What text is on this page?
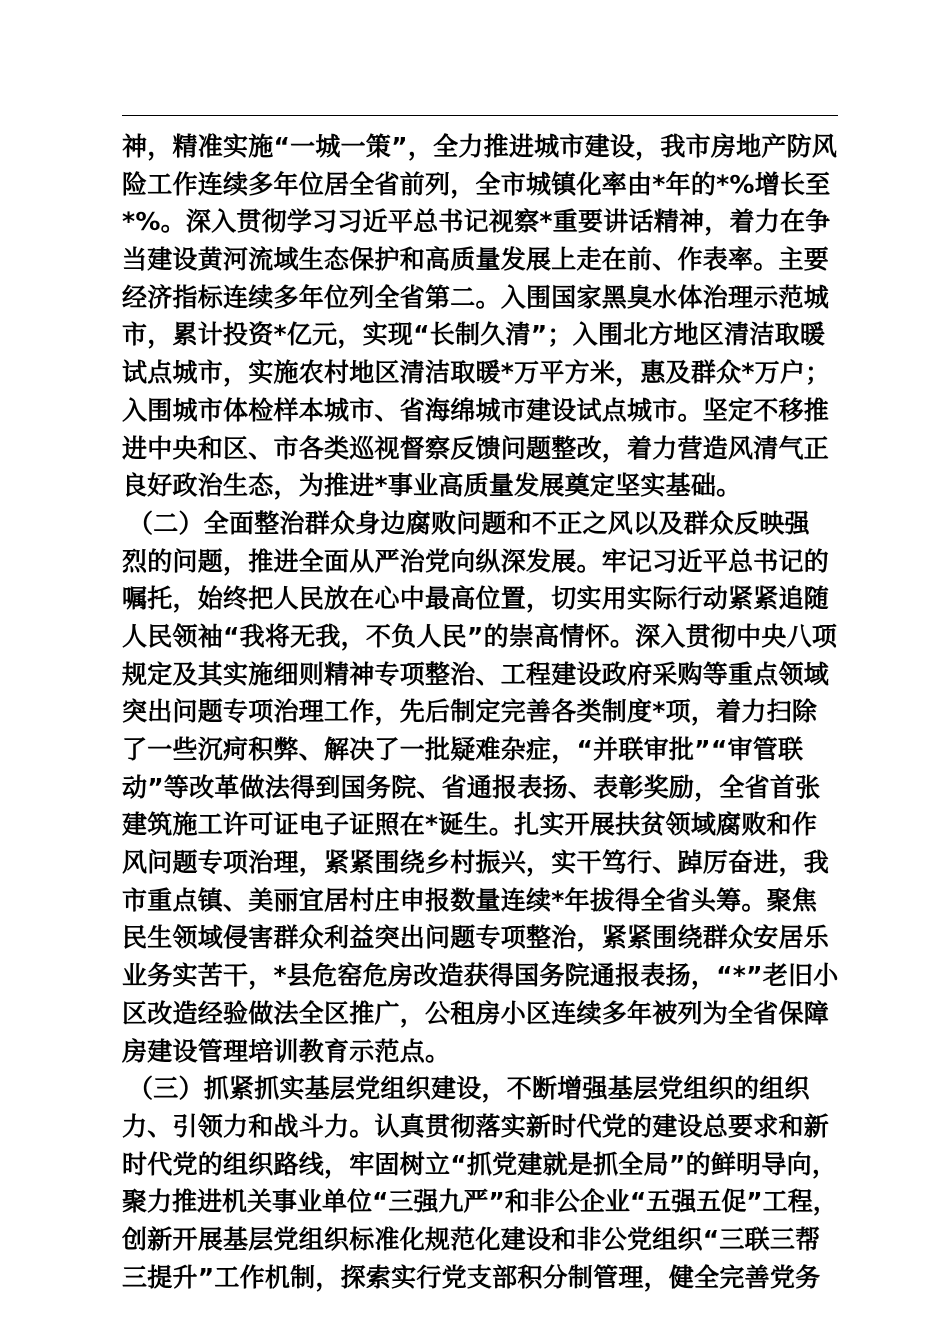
神，精准实施“一城一策”，全力推进城市建设，我市房地产防风
险工作连续多年位居全省前列，全市城镇化率由*年的*%增长至
*%。深入贯彻学习习近平总书记视察*重要讲话精神，着力在争
当建设黄河流域生态保护和高质量发展上走在前、作表率。主要
经济指标连续多年位列全省第二。入围国家黑臭水体治理示范城
市，累计投资*亿元，实现“长制久清”；入围北方地区清洁取暖
试点城市，实施农村地区清洁取暖*万平方米，惠及群众*万户；
入围城市体检样本城市、省海绵城市建设试点城市。坚定不移推
进中央和区、市各类巡视督察反馈问题整改，着力营造风清气正
良好政治生态，为推进*事业高质量发展奠定坚实基础。
（二）全面整治群众身边腐败问题和不正之风以及群众反映强
烈的问题，推进全面从严治党向纵深发展。牢记习近平总书记的
嘱托，始终把人民放在心中最高位置，切实用实际行动紧紧追随
人民领袖“我将无我，不负人民”的崇高情怀。深入贯彻中央八项
规定及其实施细则精神专项整治、工程建设政府采购等重点领域
突出问题专项治理工作，先后制定完善各类制度*项，着力扫除
了一些沉疴积弊、解决了一批疑难杂症，“并联审批”“审管联
动”等改革做法得到国务院、省通报表扬、表彰奖励，全省首张
建筑施工许可证电子证照在*诞生。扎实开展扶贫领域腐败和作
风问题专项治理，紧紧围绕乡村振兴，实干笃行、踔厉奋进，我
市重点镇、美丽宜居村庄申报数量连续*年拔得全省头筹。聚焦
民生领域侵害群众利益突出问题专项整治，紧紧围绕群众安居乐
业务实苦干，*县危窑危房改造获得国务院通报表扬，“*”老旧小
区改造经验做法全区推广，公租房小区连续多年被列为全省保障
房建设管理培训教育示范点。
（三）抓紧抓实基层党组织建设，不断增强基层党组织的组织
力、引领力和战斗力。认真贯彻落实新时代党的建设总要求和新
时代党的组织路线，牢固树立“抓党建就是抓全局”的鲜明导向，
聚力推进机关事业单位“三强九严”和非公企业“五强五促”工程，
创新开展基层党组织标准化规范化建设和非公党组织“三联三帮
三提升”工作机制，探索实行党支部积分制管理，健全完善党务
